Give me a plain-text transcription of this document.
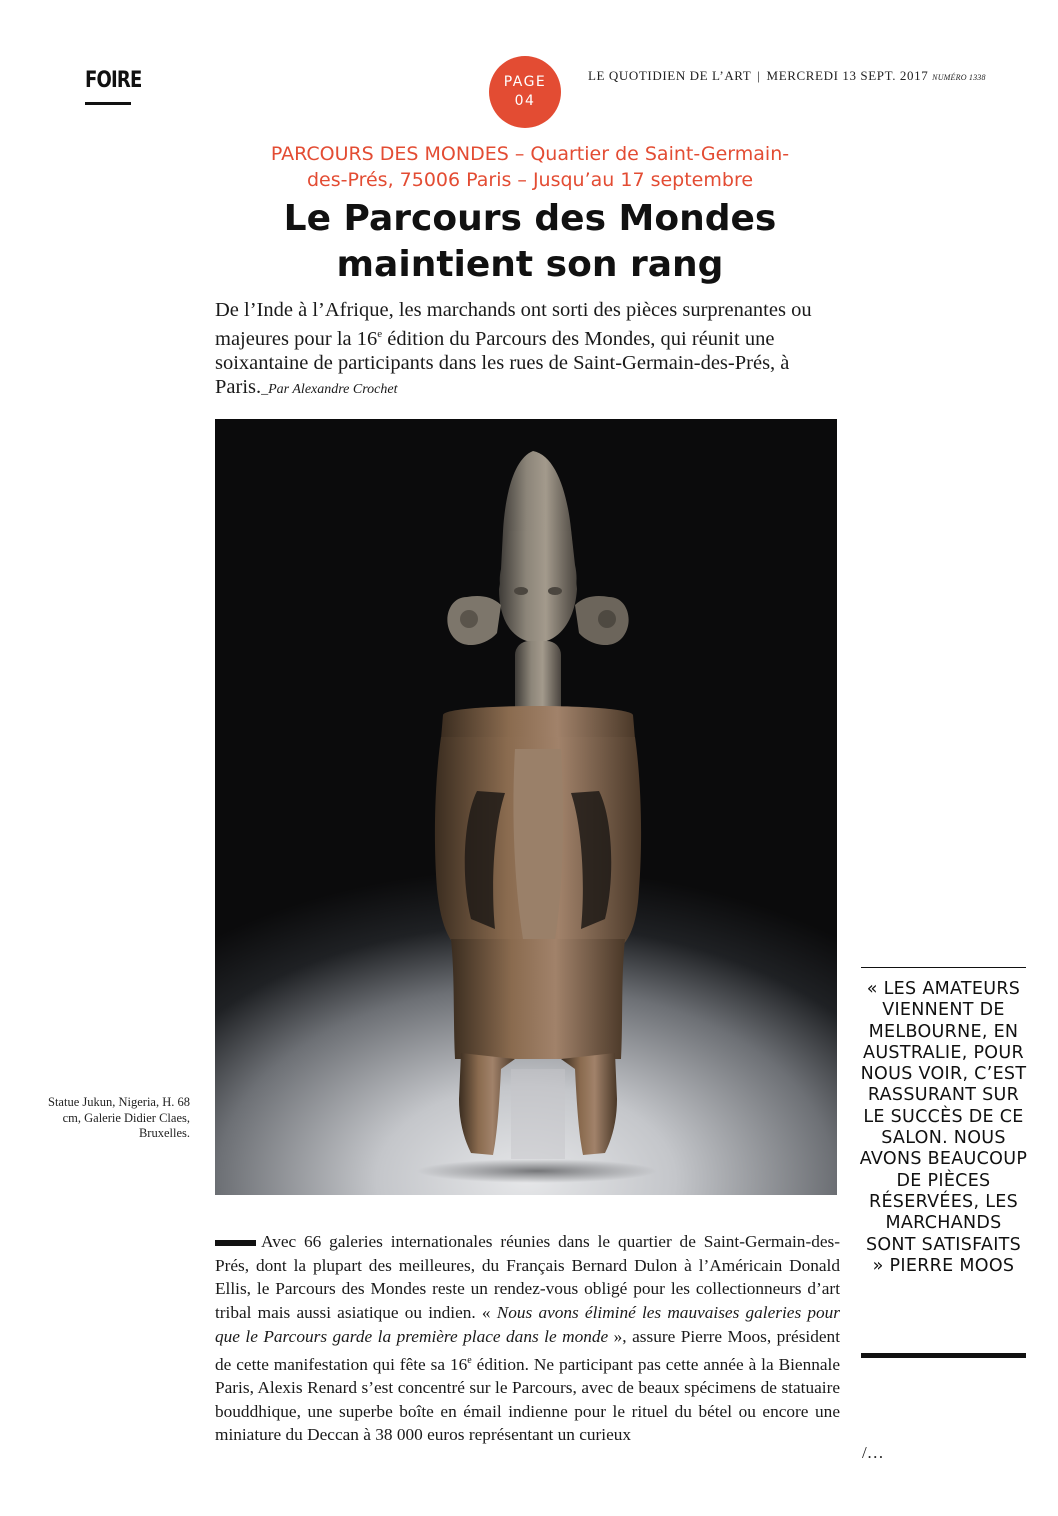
FOIRE	PAGE
04
LE QUOTIDIEN DE L’ART | MERCREDI 13 SEPT. 2017 NUMÉRO 1338
PARCOURS DES MONDES – Quartier de Saint-Germain-
des-Prés, 75006 Paris – Jusqu’au 17 septembre
Le Parcours des Mondes
maintient son rang

De l’Inde à l’Afrique, les marchands ont sorti des pièces surprenantes ou majeures pour la 16e édition du Parcours des Mondes, qui réunit une soixantaine de participants dans les rues de Saint-Germain-des-Prés, à Paris._Par Alexandre Crochet

Statue Jukun, Nigeria, H. 68 cm, Galerie Didier Claes, Bruxelles.
« LES AMATEURS VIENNENT DE MELBOURNE, EN AUSTRALIE, POUR NOUS VOIR, C’EST RASSURANT SUR LE SUCCÈS DE CE SALON. NOUS AVONS BEAUCOUP DE PIÈCES RÉSERVÉES, LES MARCHANDS SONT SATISFAITS » PIERRE MOOS

Avec 66 galeries internationales réunies dans le quartier de Saint-Germain-des-Prés, dont la plupart des meilleures, du Français Bernard Dulon à l’Américain Donald Ellis, le Parcours des Mondes reste un rendez-vous obligé pour les collectionneurs d’art tribal mais aussi asiatique ou indien. « Nous avons éliminé les mauvaises galeries pour que le Parcours garde la première place dans le monde », assure Pierre Moos, président de cette manifestation qui fête sa 16e édition. Ne participant pas cette année à la Biennale Paris, Alexis Renard s’est concentré sur le Parcours, avec de beaux spécimens de statuaire bouddhique, une superbe boîte en émail indienne pour le rituel du bétel ou encore une miniature du Deccan à 38 000 euros représentant un curieux

/…
